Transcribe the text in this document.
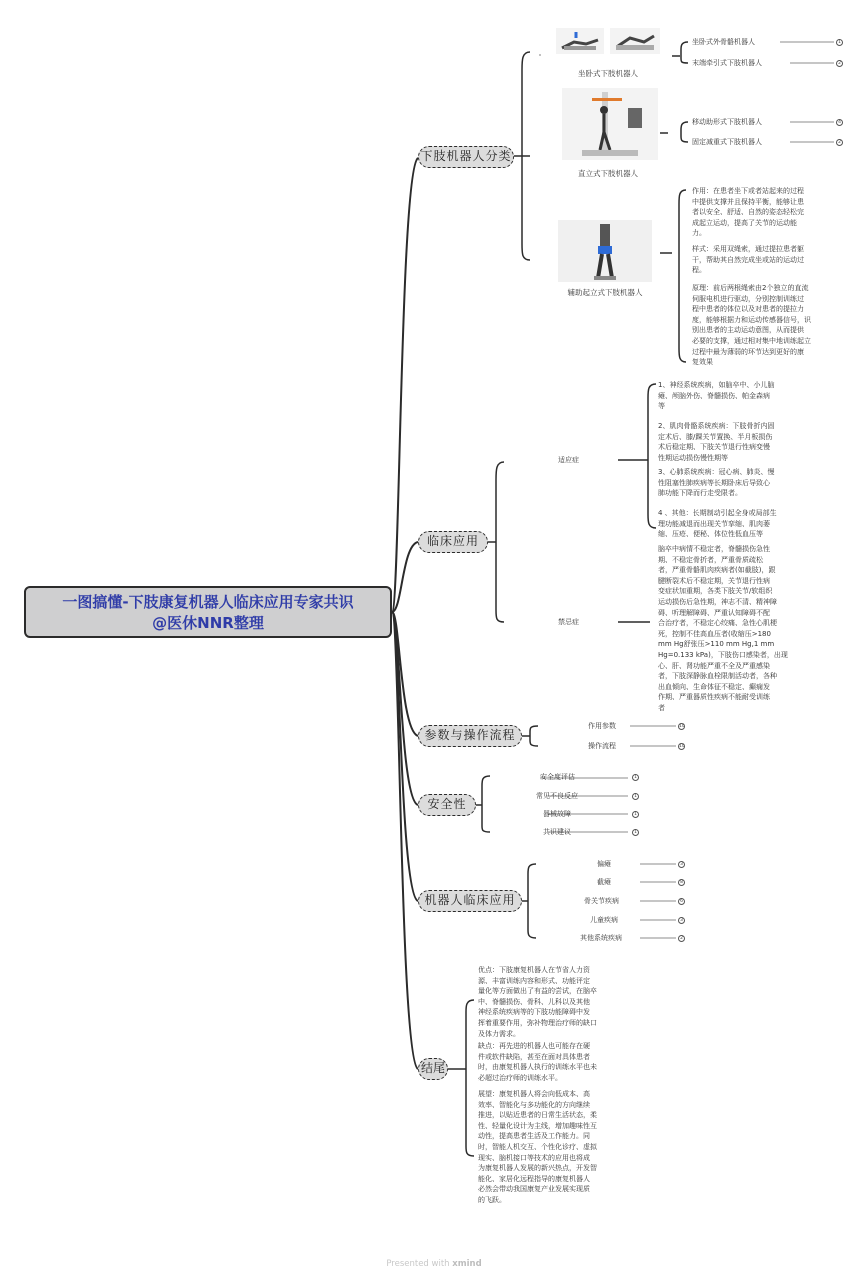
一图搞懂-下肢康复机器人临床应用专家共识
@医休NNR整理
下肢机器人分类
临床应用
参数与操作流程
安全性
机器人临床应用
结尾
坐卧式下肢机器人
坐卧式外骨骼机器人	1
末端牵引式下肢机器人	2
直立式下肢机器人
移动助形式下肢机器人	4
固定减重式下肢机器人	2
辅助起立式下肢机器人
作用：在患者坐下或者站起来的过程
中提供支撑并且保持平衡，能够让患
者以安全、舒适、自然的姿态轻松完
成起立运动，提高了关节的运动能
力。
样式：采用双绳索，通过提拉患者躯
干，帮助其自然完成坐或站的运动过
程。
原理：前后两根绳索由2个独立的直流
伺服电机进行驱动，分别控制训练过
程中患者的体位以及对患者的提拉力
度，能够根据力和运动传感器信号，识
别出患者的主动运动意图，从而提供
必要的支撑，通过相对集中地训练起立
过程中最为薄弱的环节达到更好的康
复效果
适应症
1、神经系统疾病，如脑卒中、小儿脑
瘫、颅脑外伤、脊髓损伤、帕金森病
等
2、肌肉骨骼系统疾病：下肢骨折内固
定术后、膝/踝关节置换、半月板损伤
术后稳定期、下肢关节退行性病变慢
性期运动损伤慢性期等
3、心肺系统疾病：冠心病、肺炎、慢
性阻塞性肺疾病等长期卧床后导致心
肺功能下降而行走受限者。
4 、其他：长期制动引起全身或局部生
理功能减退而出现关节挛缩、肌肉萎
缩、压疮、便秘、体位性低血压等
禁忌症
脑卒中病情不稳定者，脊髓损伤急性
期、不稳定骨折者，严重骨质疏松
者，严重骨骼肌肉疾病者(如截肢)，跟
腱断裂术后不稳定期，关节退行性病
变症状加重期，各类下肢关节/软组织
运动损伤后急性期，神志不清、精神障
碍、听理解障碍、严重认知障碍不配
合治疗者，不稳定心绞痛、急性心肌梗
死，控制不佳高血压者(收缩压>180
mm Hg舒张压>110 mm Hg,1 mm
Hg=0.133 kPa)，下肢伤口感染者，出现
心、肝、肾功能严重不全及严重感染
者，下肢深静脉血栓限制活动者，各种
出血倾向、生命体征不稳定、癫痫发
作期、严重器质性疾病不能耐受训练
者
作用参数	10
操作流程	10
安全度评估	1
常见不良反应	1
器械故障	1
共识建议	1
偏瘫	3
截瘫	8
骨关节疾病	6
儿童疾病	3
其他系统疾病	2
优点：下肢康复机器人在节省人力资
源、丰富训练内容和形式、功能评定
量化等方面做出了有益的尝试，在脑卒
中、脊髓损伤、骨科、儿科以及其他
神经系统疾病等的下肢功能障碍中发
挥着重要作用，弥补物理治疗师的缺口
及体力需求。
缺点：再先进的机器人也可能存在硬
件或软件缺陷，甚至在面对具体患者
时，由康复机器人执行的训练水平也未
必超过治疗师的训练水平。
展望：康复机器人将会向低成本、高
效率、智能化与多功能化的方向继续
推进，以贴近患者的日常生活状态，柔
性、轻量化设计为主线，增加趣味性互
动性，提高患者生活及工作能力。同
时，智能人机交互、个性化诊疗、虚拟
现实、脑机接口等技术的应用也将成
为康复机器人发展的新兴热点，开发智
能化、家居化远程指导的康复机器人
必然会带动我国康复产业发展实现质
的飞跃。
Presented with xmind
